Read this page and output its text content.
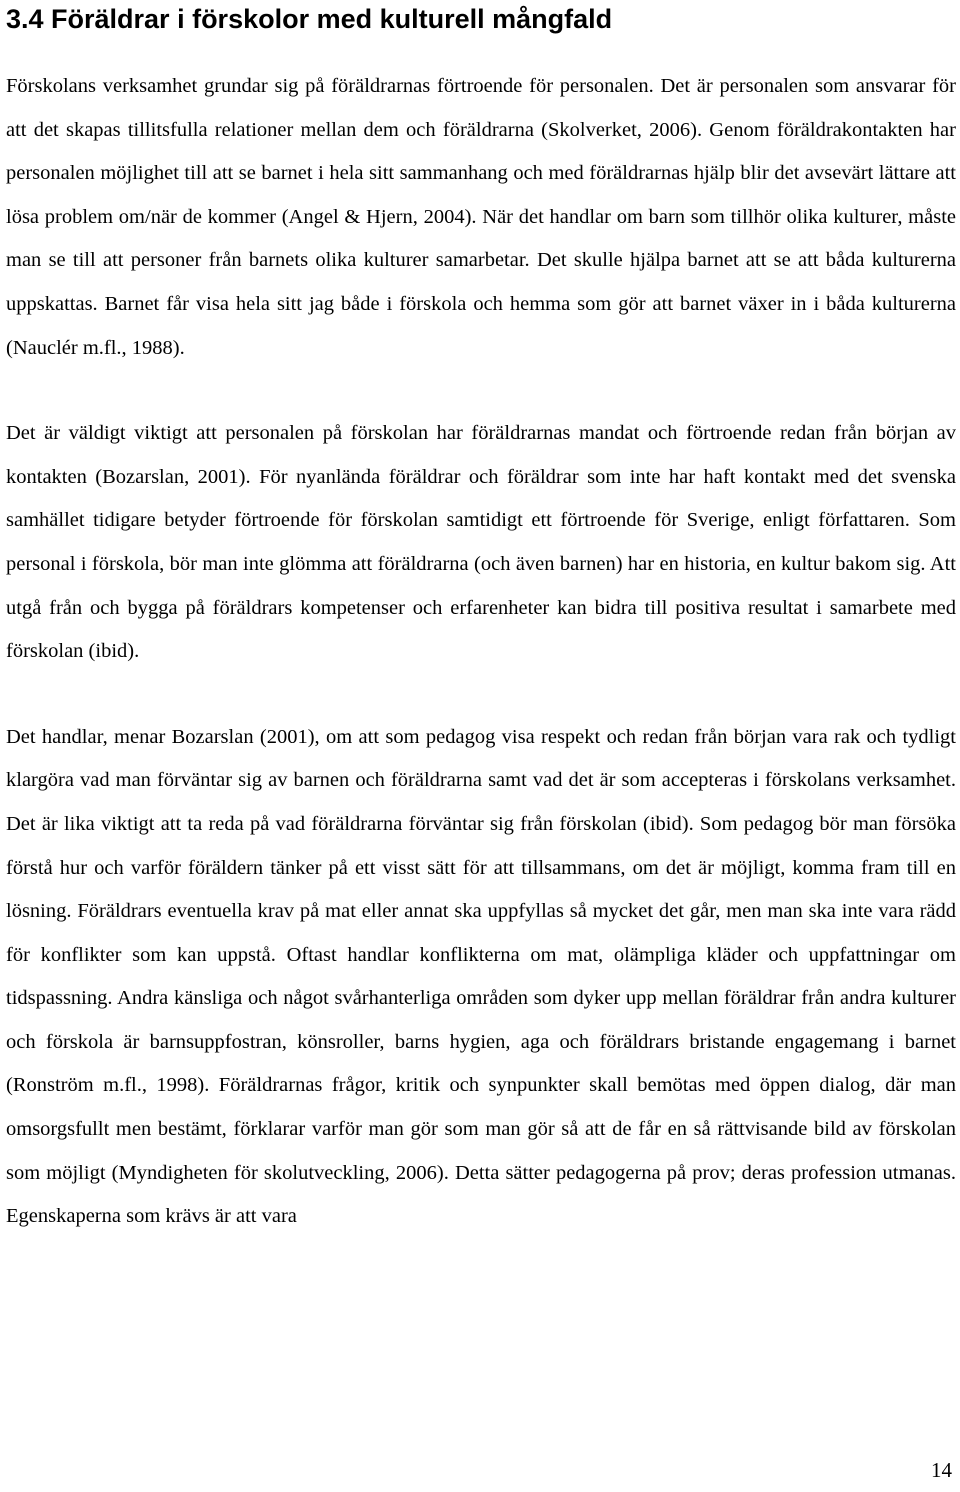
3.4 Föräldrar i förskolor med kulturell mångfald

Förskolans verksamhet grundar sig på föräldrarnas förtroende för personalen. Det är personalen som ansvarar för att det skapas tillitsfulla relationer mellan dem och föräldrarna (Skolverket, 2006). Genom föräldrakontakten har personalen möjlighet till att se barnet i hela sitt sammanhang och med föräldrarnas hjälp blir det avsevärt lättare att lösa problem om/när de kommer (Angel & Hjern, 2004). När det handlar om barn som tillhör olika kulturer, måste man se till att personer från barnets olika kulturer samarbetar. Det skulle hjälpa barnet att se att båda kulturerna uppskattas. Barnet får visa hela sitt jag både i förskola och hemma som gör att barnet växer in i båda kulturerna (Nauclér m.fl., 1988).

Det är väldigt viktigt att personalen på förskolan har föräldrarnas mandat och förtroende redan från början av kontakten (Bozarslan, 2001). För nyanlända föräldrar och föräldrar som inte har haft kontakt med det svenska samhället tidigare betyder förtroende för förskolan samtidigt ett förtroende för Sverige, enligt författaren. Som personal i förskola, bör man inte glömma att föräldrarna (och även barnen) har en historia, en kultur bakom sig. Att utgå från och bygga på föräldrars kompetenser och erfarenheter kan bidra till positiva resultat i samarbete med förskolan (ibid).

Det handlar, menar Bozarslan (2001), om att som pedagog visa respekt och redan från början vara rak och tydligt klargöra vad man förväntar sig av barnen och föräldrarna samt vad det är som accepteras i förskolans verksamhet. Det är lika viktigt att ta reda på vad föräldrarna förväntar sig från förskolan (ibid). Som pedagog bör man försöka förstå hur och varför föräldern tänker på ett visst sätt för att tillsammans, om det är möjligt, komma fram till en lösning. Föräldrars eventuella krav på mat eller annat ska uppfyllas så mycket det går, men man ska inte vara rädd för konflikter som kan uppstå. Oftast handlar konflikterna om mat, olämpliga kläder och uppfattningar om tidspassning. Andra känsliga och något svårhanterliga områden som dyker upp mellan föräldrar från andra kulturer och förskola är barnsuppfostran, könsroller, barns hygien, aga och föräldrars bristande engagemang i barnet (Ronström m.fl., 1998). Föräldrarnas frågor, kritik och synpunkter skall bemötas med öppen dialog, där man omsorgsfullt men bestämt, förklarar varför man gör som man gör så att de får en så rättvisande bild av förskolan som möjligt (Myndigheten för skolutveckling, 2006). Detta sätter pedagogerna på prov; deras profession utmanas. Egenskaperna som krävs är att vara

14
